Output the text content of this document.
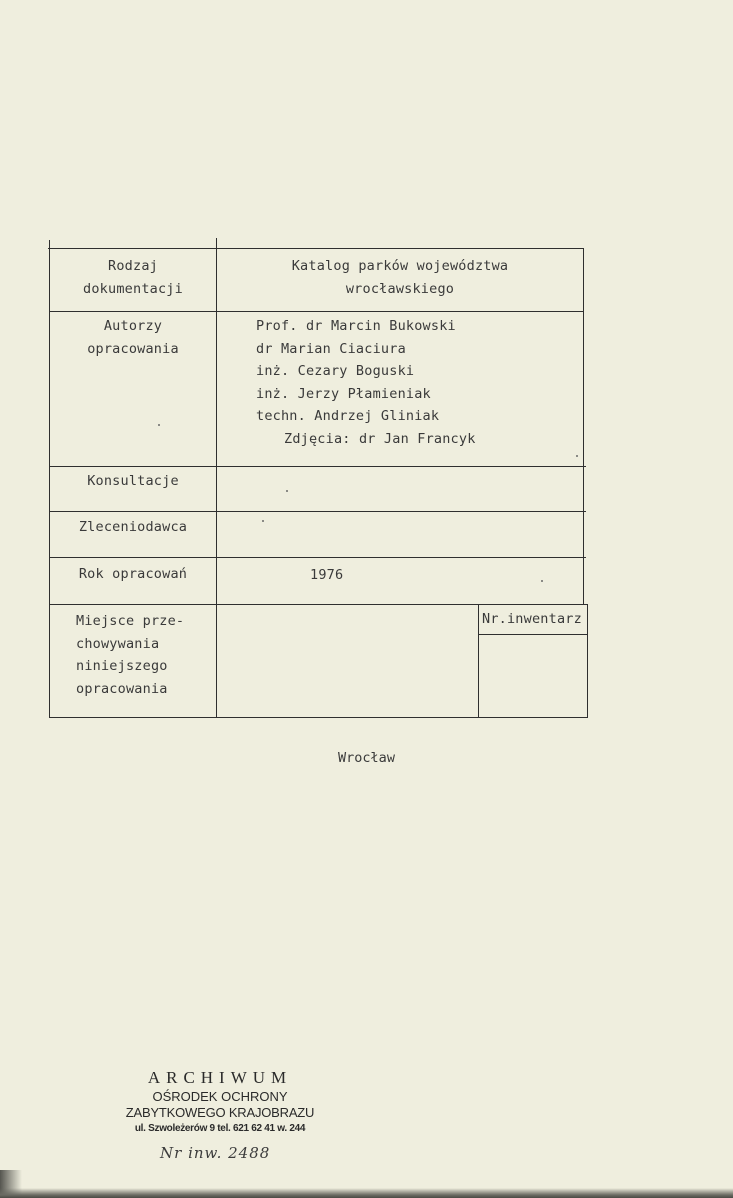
Rodzaj
dokumentacji
Katalog parków województwa
wrocławskiego
Autorzy
opracowania
Prof. dr Marcin Bukowski
dr Marian Ciaciura
inż. Cezary Boguski
inż. Jerzy Płamieniak
techn. Andrzej Gliniak
Zdjęcia: dr Jan Francyk
Konsultacje
Zleceniodawca
Rok opracowań	1976
Miejsce prze-
chowywania
niniejszego
opracowania
Nr.inwentarz
Wrocław
ARCHIWUM
OŚRODEK OCHRONY
ZABYTKOWEGO KRAJOBRAZU
ul. Szwoleżerów 9 tel. 621 62 41 w. 244
Nr inw. 2488
